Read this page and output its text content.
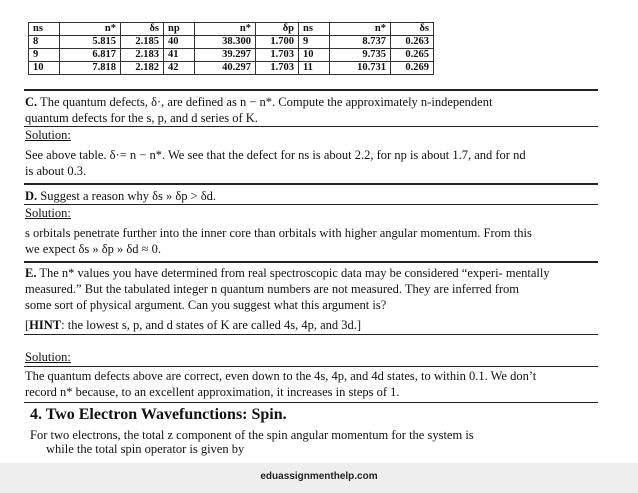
ns	n*	δs	np	n*	δp	ns	n*	δs
8	5.815	2.185	40	38.300	1.700	9	8.737	0.263
9	6.817	2.183	41	39.297	1.703	10	9.735	0.265
10	7.818	2.182	42	40.297	1.703	11	10.731	0.269
C. The quantum defects, δ·, are defined as n − n*. Compute the approximately n-independent
quantum defects for the s, p, and d series of K.
Solution:
See above table. δ·= n − n*. We see that the defect for ns is about 2.2, for np is about 1.7, and for nd
is about 0.3.
D. Suggest a reason why δs » δp > δd.
Solution:
s orbitals penetrate further into the inner core than orbitals with higher angular momentum. From this
we expect δs » δp » δd ≈ 0.
E. The n* values you have determined from real spectroscopic data may be considered “experi- mentally
measured.” But the tabulated integer n quantum numbers are not measured. They are inferred from
some sort of physical argument. Can you suggest what this argument is?
[HINT: the lowest s, p, and d states of K are called 4s, 4p, and 3d.]
Solution:
The quantum defects above are correct, even down to the 4s, 4p, and 4d states, to within 0.1. We don’t
record n* because, to an excellent approximation, it increases in steps of 1.
4. Two Electron Wavefunctions: Spin.
For two electrons, the total z component of the spin angular momentum for the system is
while the total spin operator is given by
eduassignmenthelp.com
